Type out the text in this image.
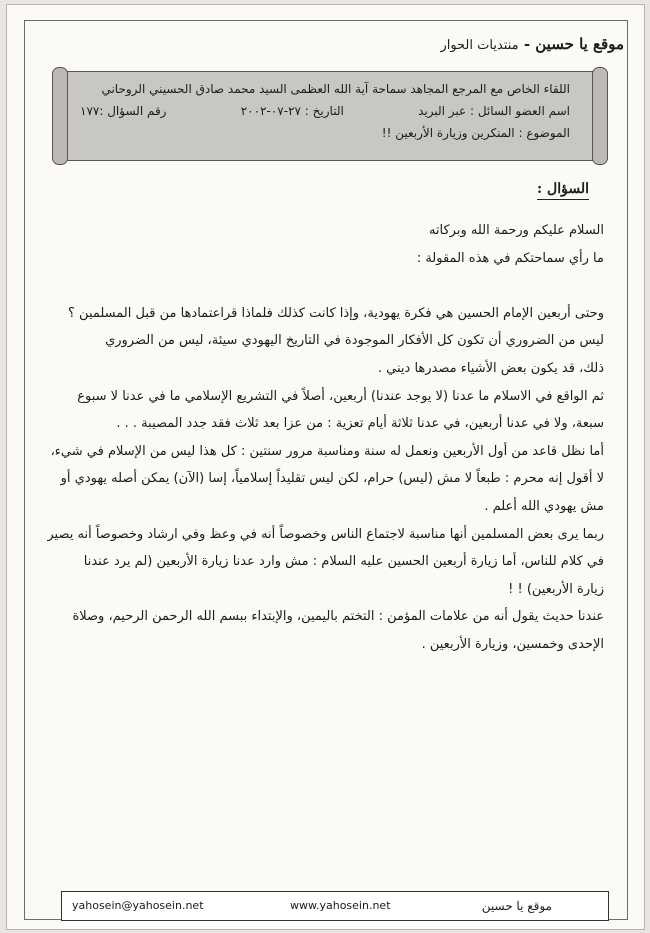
موقع يا حسين - منتديات الحوار
اللقاء الخاص مع المرجع المجاهد سماحة آية الله العظمى السيد محمد صادق الحسيني الروحاني
اسم العضو السائل : عبر البريد
التاريخ : ٢٧-٠٧-٢٠٠٢
رقم السؤال :١٧٧
الموضوع : المنكرين وزيارة الأربعين !!
السؤال :
السلام عليكم ورحمة الله وبركاته
ما رأي سماحتكم في هذه المقولة :
وحتى أربعين الإمام الحسين هي فكرة يهودية، وإذا كانت كذلك فلماذا قراعتمادها من قبل المسلمين ؟
ليس من الضروري أن تكون كل الأفكار الموجودة في التاريخ اليهودي سيئة، ليس من الضروري
ذلك، قد يكون بعض الأشياء مصدرها ديني .
ثم الواقع في الاسلام ما عدنا (لا يوجد عندنا) أربعين، أصلاً في التشريع الإسلامي ما في عدنا لا سبوع
سبعة، ولا في عدنا أربعين، في عدنا ثلاثة أيام تعزية : من عزا بعد ثلاث فقد جدد المصيبة . . .
أما نظل قاعد من أول الأربعين ونعمل له سنة ومناسبة مرور سنتين : كل هذا ليس من الإسلام في شيء،
لا أقول إنه محرم : طبعاً لا مش (ليس) حرام، لكن ليس تقليداً إسلامياً، إسا (الآن) يمكن أصله يهودي أو
مش يهودي الله أعلم .
ربما يرى بعض المسلمين أنها مناسبة لاجتماع الناس وخصوصاً أنه في وعظ وفي ارشاد وخصوصاً أنه يصير
في كلام للناس، أما زيارة أربعين الحسين عليه السلام : مش وارد عدنا زيارة الأربعين (لم يرد عندنا
زيارة الأربعين) ! !
عندنا حديث يقول أنه من علامات المؤمن : التختم باليمين، والإبتداء ببسم الله الرحمن الرحيم، وصلاة
الإحدى وخمسين، وزيارة الأربعين .
yahosein@yahosein.net	www.yahosein.net	موقع يا حسين
